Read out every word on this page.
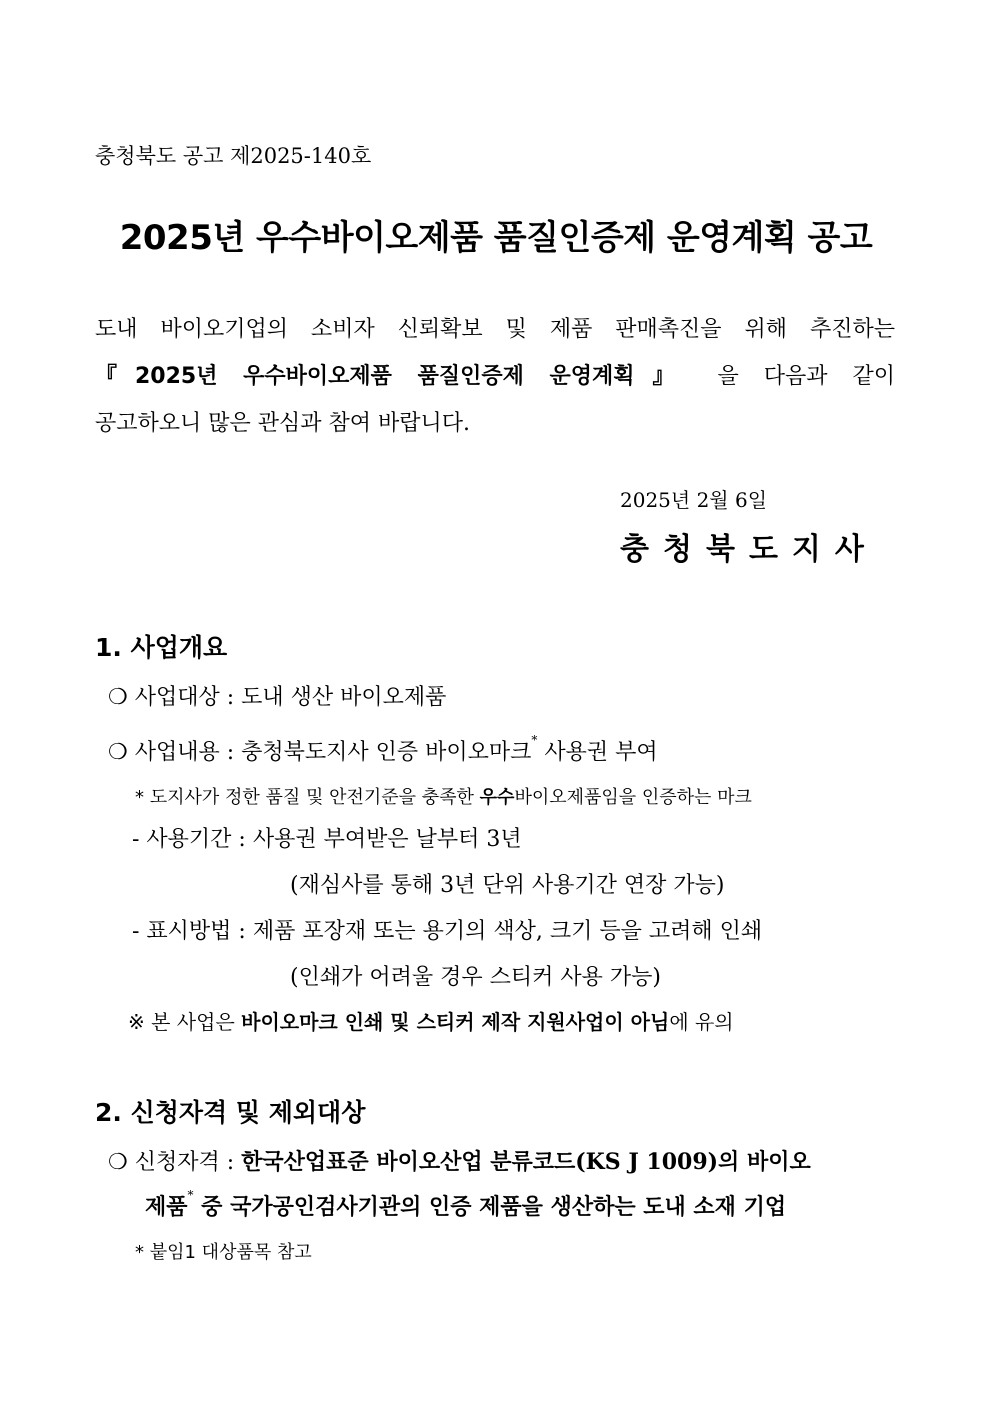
충청북도 공고 제2025-140호
2025년 우수바이오제품 품질인증제 운영계획 공고
도내 바이오기업의 소비자 신뢰확보 및 제품 판매촉진을 위해 추진하는
『2025년 우수바이오제품 품질인증제 운영계획』 을 다음과 같이
공고하오니 많은 관심과 참여 바랍니다.
2025년 2월 6일
충청북도지사
1. 사업개요
❍ 사업대상 : 도내 생산 바이오제품
❍ 사업내용 : 충청북도지사 인증 바이오마크* 사용권 부여
* 도지사가 정한 품질 및 안전기준을 충족한 우수바이오제품임을 인증하는 마크
- 사용기간 : 사용권 부여받은 날부터 3년
(재심사를 통해 3년 단위 사용기간 연장 가능)
- 표시방법 : 제품 포장재 또는 용기의 색상, 크기 등을 고려해 인쇄
(인쇄가 어려울 경우 스티커 사용 가능)
※ 본 사업은 바이오마크 인쇄 및 스티커 제작 지원사업이 아님에 유의
2. 신청자격 및 제외대상
❍ 신청자격 : 한국산업표준 바이오산업 분류코드(KS J 1009)의 바이오
제품* 중 국가공인검사기관의 인증 제품을 생산하는 도내 소재 기업
* 붙임1 대상품목 참고
